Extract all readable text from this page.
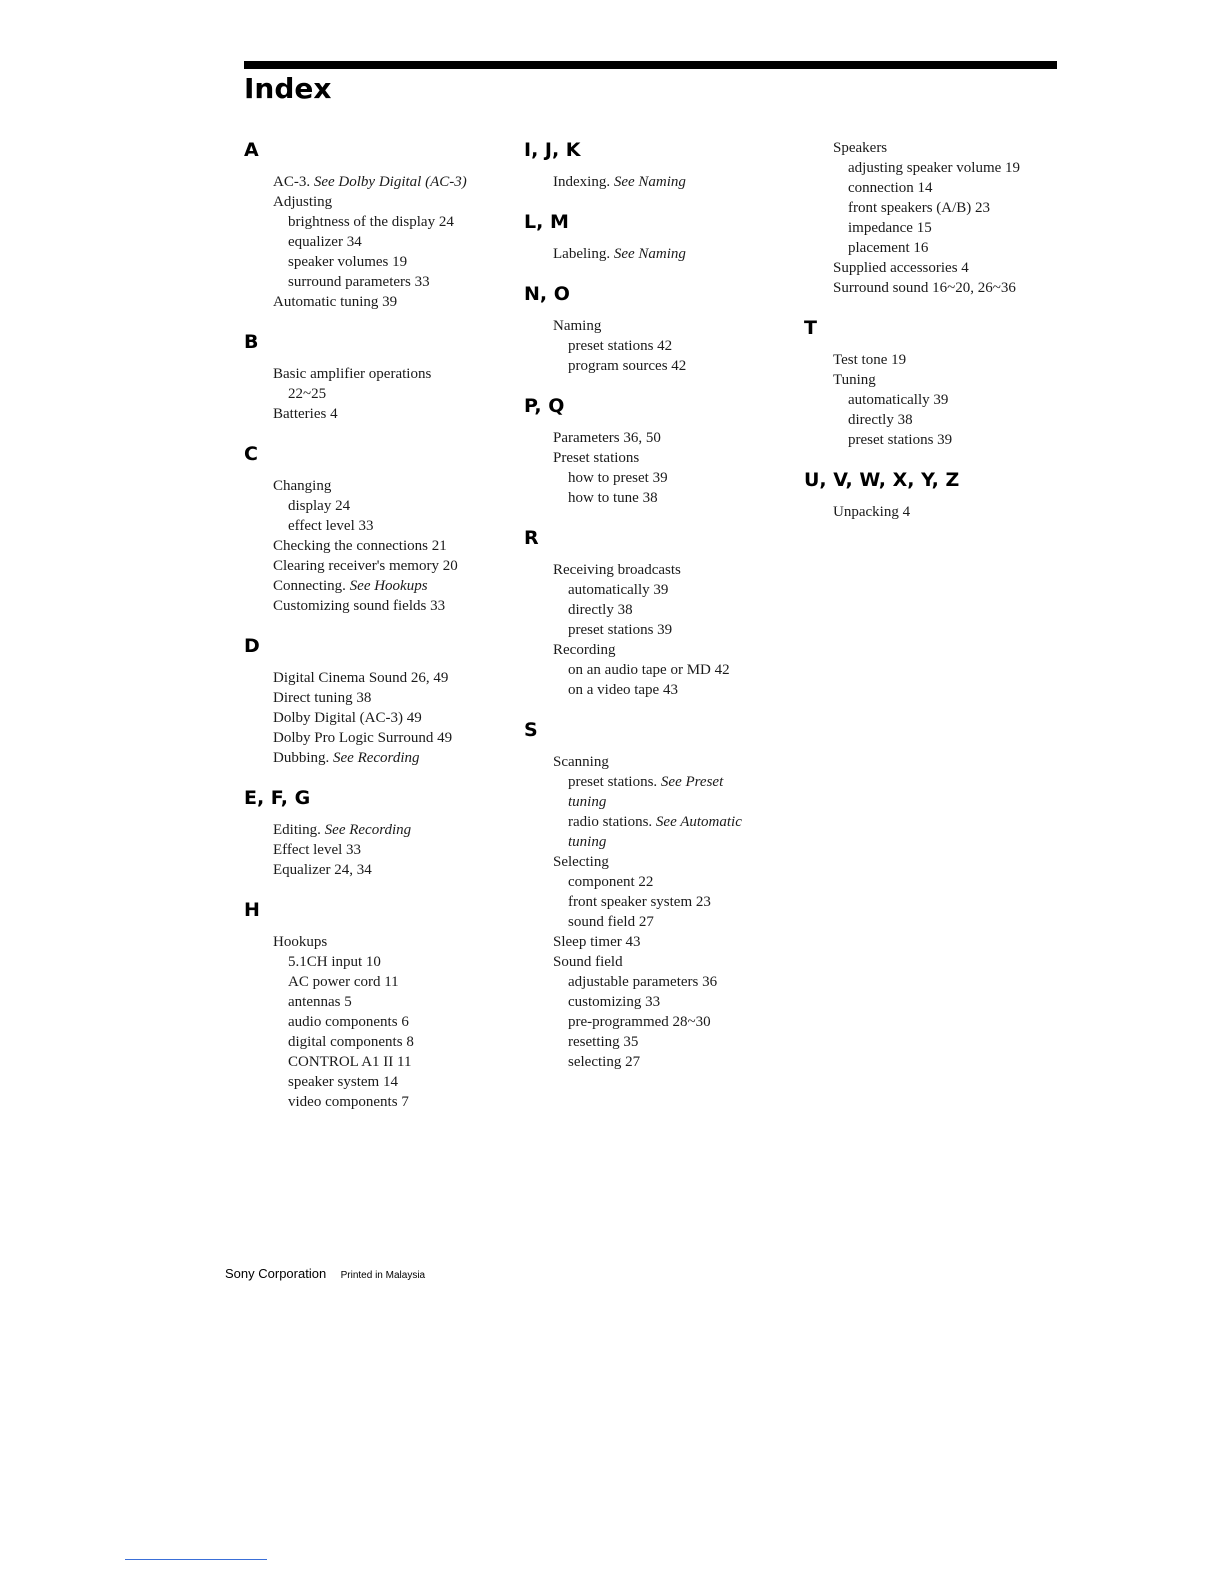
Index
A
AC-3. See Dolby Digital (AC-3)
Adjusting
brightness of the display 24
equalizer 34
speaker volumes 19
surround parameters 33
Automatic tuning 39
B
Basic amplifier operations
22~25
Batteries 4
C
Changing
display 24
effect level 33
Checking the connections 21
Clearing receiver's memory 20
Connecting. See Hookups
Customizing sound fields 33
D
Digital Cinema Sound 26, 49
Direct tuning 38
Dolby Digital (AC-3) 49
Dolby Pro Logic Surround 49
Dubbing. See Recording
E, F, G
Editing. See Recording
Effect level 33
Equalizer 24, 34
H
Hookups
5.1CH input 10
AC power cord 11
antennas 5
audio components 6
digital components 8
CONTROL A1 II 11
speaker system 14
video components 7
I, J, K
Indexing. See Naming
L, M
Labeling. See Naming
N, O
Naming
preset stations 42
program sources 42
P, Q
Parameters 36, 50
Preset stations
how to preset 39
how to tune 38
R
Receiving broadcasts
automatically 39
directly 38
preset stations 39
Recording
on an audio tape or MD 42
on a video tape 43
S
Scanning
preset stations. See Preset
tuning
radio stations. See Automatic
tuning
Selecting
component 22
front speaker system 23
sound field 27
Sleep timer 43
Sound field
adjustable parameters 36
customizing 33
pre-programmed 28~30
resetting 35
selecting 27
Speakers
adjusting speaker volume 19
connection 14
front speakers (A/B) 23
impedance 15
placement 16
Supplied accessories 4
Surround sound 16~20, 26~36
T
Test tone 19
Tuning
automatically 39
directly 38
preset stations 39
U, V, W, X, Y, Z
Unpacking 4
Sony Corporation Printed in Malaysia
